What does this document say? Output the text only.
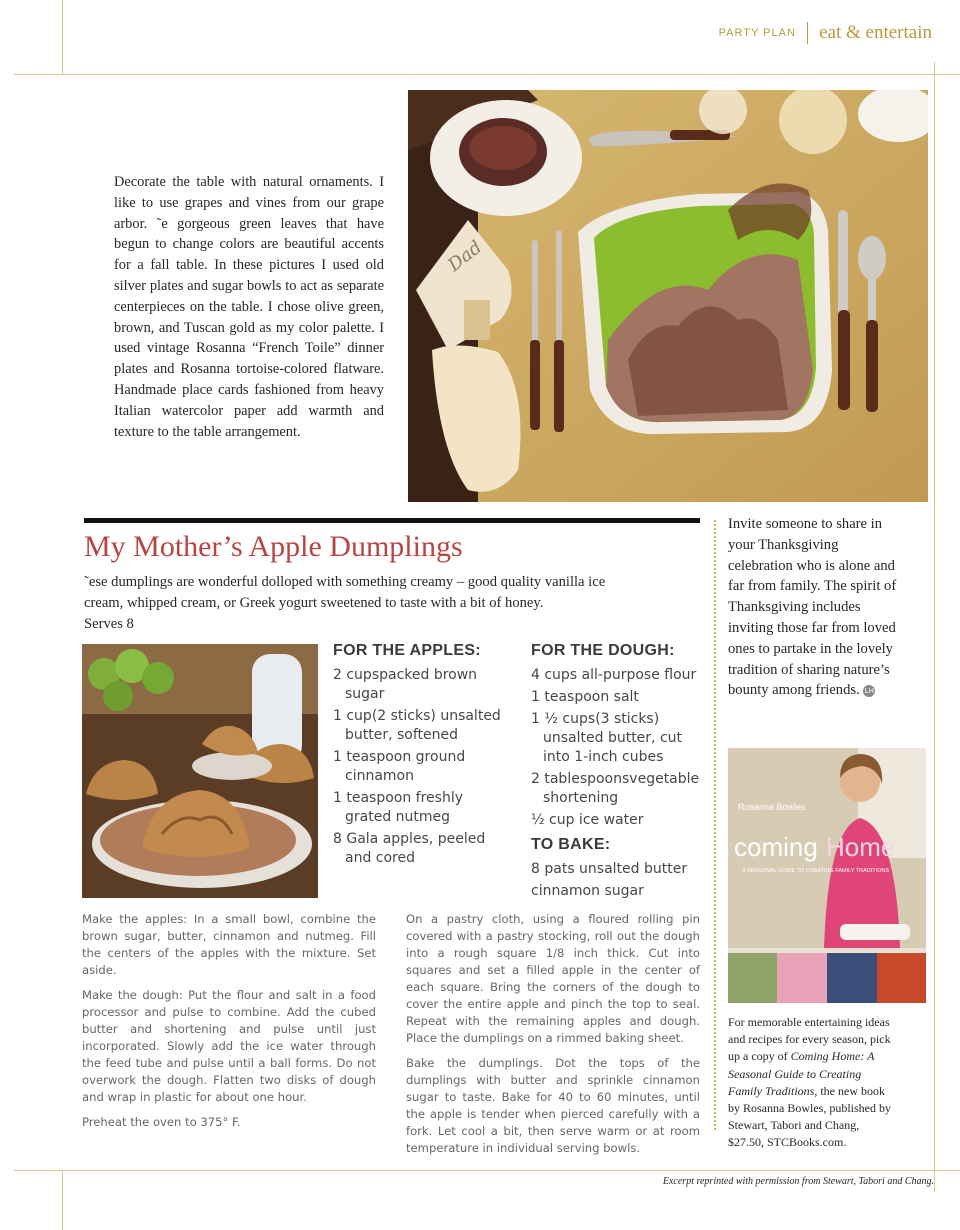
PARTY PLAN eat & entertain
Decorate the table with natural ornaments. I like to use grapes and vines from our grape arbor. ˜e gorgeous green leaves that have begun to change colors are beautiful accents for a fall table. In these pictures I used old silver plates and sugar bowls to act as separate centerpieces on the table. I chose olive green, brown, and Tuscan gold as my color palette. I used vintage Rosanna “French Toile” dinner plates and Rosanna tortoise-colored flatware. Handmade place cards fashioned from heavy Italian watercolor paper add warmth and texture to the table arrangement.
Dad
My Mother’s Apple Dumplings
˜ese dumplings are wonderful dolloped with something creamy – good quality vanilla ice cream, whipped cream, or Greek yogurt sweetened to taste with a bit of honey.
Serves 8
FOR THE APPLES:
2 cupspacked brown sugar
1 cup(2 sticks) unsalted butter, softened
1 teaspoon ground cinnamon
1 teaspoon freshly grated nutmeg
8 Gala apples, peeled and cored
FOR THE DOUGH:
4 cups all-purpose flour
1 teaspoon salt
1 ½ cups(3 sticks) unsalted butter, cut into 1-inch cubes
2 tablespoonsvegetable shortening
½ cup ice water
TO BAKE:
8 pats unsalted butter
cinnamon sugar

Make the apples: In a small bowl, combine the brown sugar, butter, cinnamon and nutmeg. Fill the centers of the apples with the mixture. Set aside.

Make the dough: Put the flour and salt in a food processor and pulse to combine. Add the cubed butter and shortening and pulse until just incorporated. Slowly add the ice water through the feed tube and pulse until a ball forms. Do not overwork the dough. Flatten two disks of dough and wrap in plastic for about one hour.

Preheat the oven to 375° F.

On a pastry cloth, using a floured rolling pin covered with a pastry stocking, roll out the dough into a rough square 1/8 inch thick. Cut into squares and set a filled apple in the center of each square. Bring the corners of the dough to cover the entire apple and pinch the top to seal. Repeat with the remaining apples and dough. Place the dumplings on a rimmed baking sheet.

Bake the dumplings. Dot the tops of the dumplings with butter and sprinkle cinnamon sugar to taste. Bake for 40 to 60 minutes, until the apple is tender when pierced carefully with a fork. Let cool a bit, then serve warm or at room temperature in individual serving bowls.

Invite someone to share in your Thanksgiving celebration who is alone and far from family. The spirit of Thanksgiving includes inviting those far from loved ones to partake in the lovely tradition of sharing nature’s bounty among friends. LH
Rosanna Bowles
coming Home
A SEASONAL GUIDE TO CREATING FAMILY TRADITIONS
For memorable entertaining ideas and recipes for every season, pick up a copy of Coming Home: A Seasonal Guide to Creating Family Traditions, the new book by Rosanna Bowles, published by Stewart, Tabori and Chang, $27.50, STCBooks.com.
Excerpt reprinted with permission from Stewart, Tabori and Chang.
